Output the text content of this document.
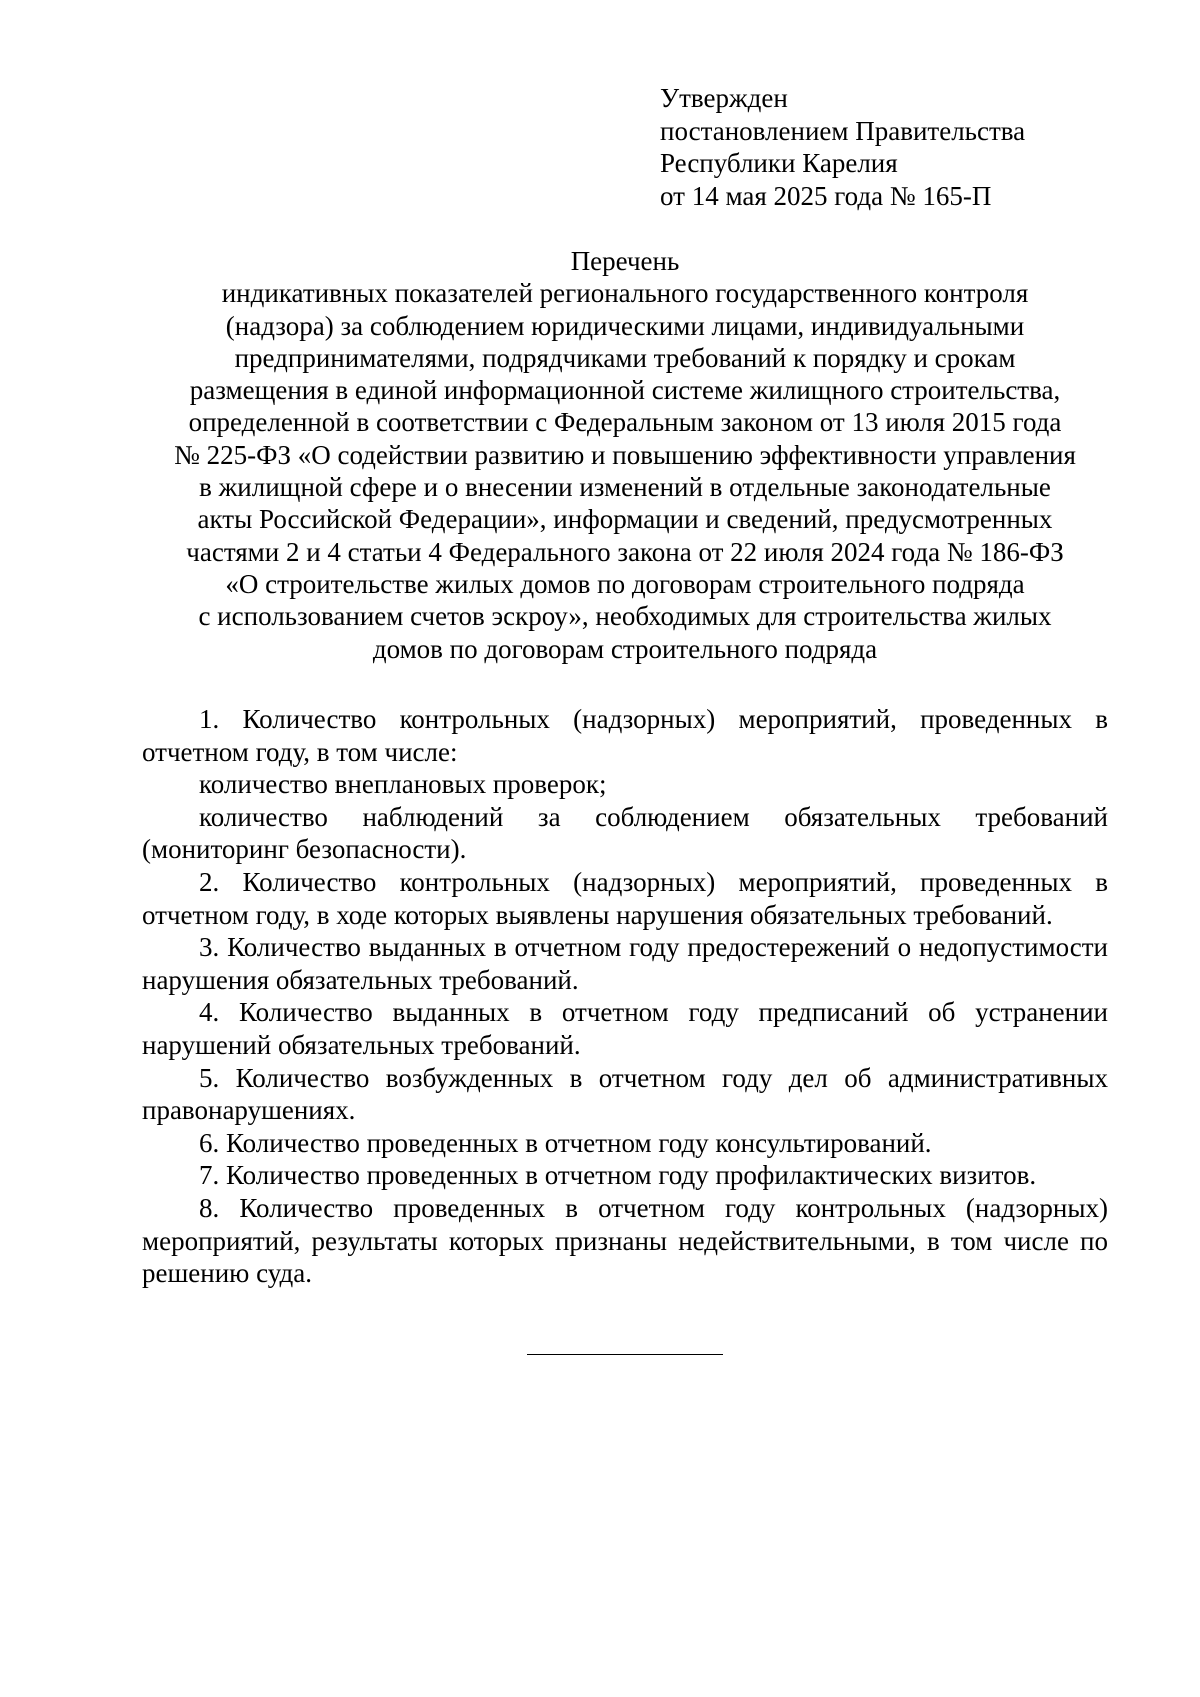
Утвержден
постановлением Правительства
Республики Карелия
от 14 мая 2025 года № 165-П
Перечень
индикативных показателей регионального государственного контроля
(надзора) за соблюдением юридическими лицами, индивидуальными
предпринимателями, подрядчиками требований к порядку и срокам
размещения в единой информационной системе жилищного строительства,
определенной в соответствии с Федеральным законом от 13 июля 2015 года
№ 225-ФЗ «О содействии развитию и повышению эффективности управления
в жилищной сфере и о внесении изменений в отдельные законодательные
акты Российской Федерации», информации и сведений, предусмотренных
частями 2 и 4 статьи 4 Федерального закона от 22 июля 2024 года № 186-ФЗ
«О строительстве жилых домов по договорам строительного подряда
с использованием счетов эскроу», необходимых для строительства жилых
домов по договорам строительного подряда

1. Количество контрольных (надзорных) мероприятий, проведенных в отчетном году, в том числе:

количество внеплановых проверок;

количество наблюдений за соблюдением обязательных требований (мониторинг безопасности).

2. Количество контрольных (надзорных) мероприятий, проведенных в отчетном году, в ходе которых выявлены нарушения обязательных требований.

3. Количество выданных в отчетном году предостережений о недопустимости нарушения обязательных требований.

4. Количество выданных в отчетном году предписаний об устранении нарушений обязательных требований.

5. Количество возбужденных в отчетном году дел об административных правонарушениях.

6. Количество проведенных в отчетном году консультирований.

7. Количество проведенных в отчетном году профилактических визитов.

8. Количество проведенных в отчетном году контрольных (надзорных) мероприятий, результаты которых признаны недействительными, в том числе по решению суда.
